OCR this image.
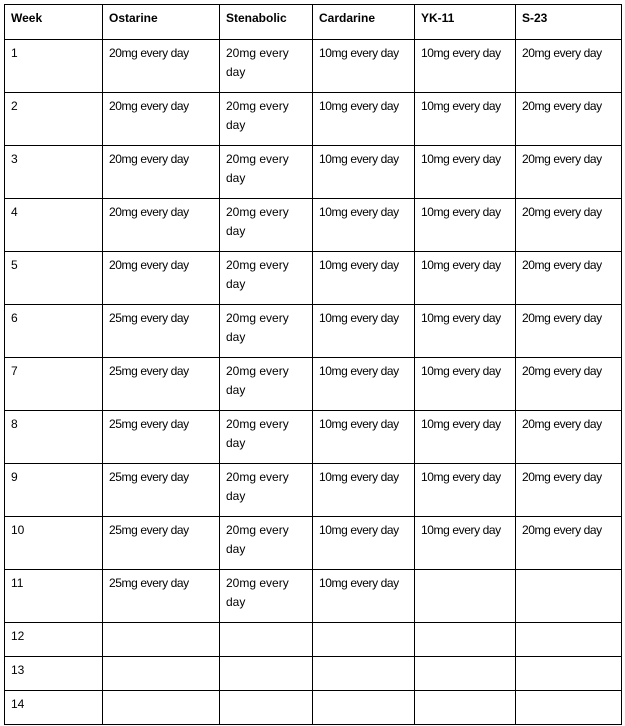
Week	Ostarine	Stenabolic	Cardarine	YK-11	S-23
1	20mg every day	20mg every day	10mg every day	10mg every day	20mg every day
2	20mg every day	20mg every day	10mg every day	10mg every day	20mg every day
3	20mg every day	20mg every day	10mg every day	10mg every day	20mg every day
4	20mg every day	20mg every day	10mg every day	10mg every day	20mg every day
5	20mg every day	20mg every day	10mg every day	10mg every day	20mg every day
6	25mg every day	20mg every day	10mg every day	10mg every day	20mg every day
7	25mg every day	20mg every day	10mg every day	10mg every day	20mg every day
8	25mg every day	20mg every day	10mg every day	10mg every day	20mg every day
9	25mg every day	20mg every day	10mg every day	10mg every day	20mg every day
10	25mg every day	20mg every day	10mg every day	10mg every day	20mg every day
11	25mg every day	20mg every day	10mg every day		
12					
13					
14					
